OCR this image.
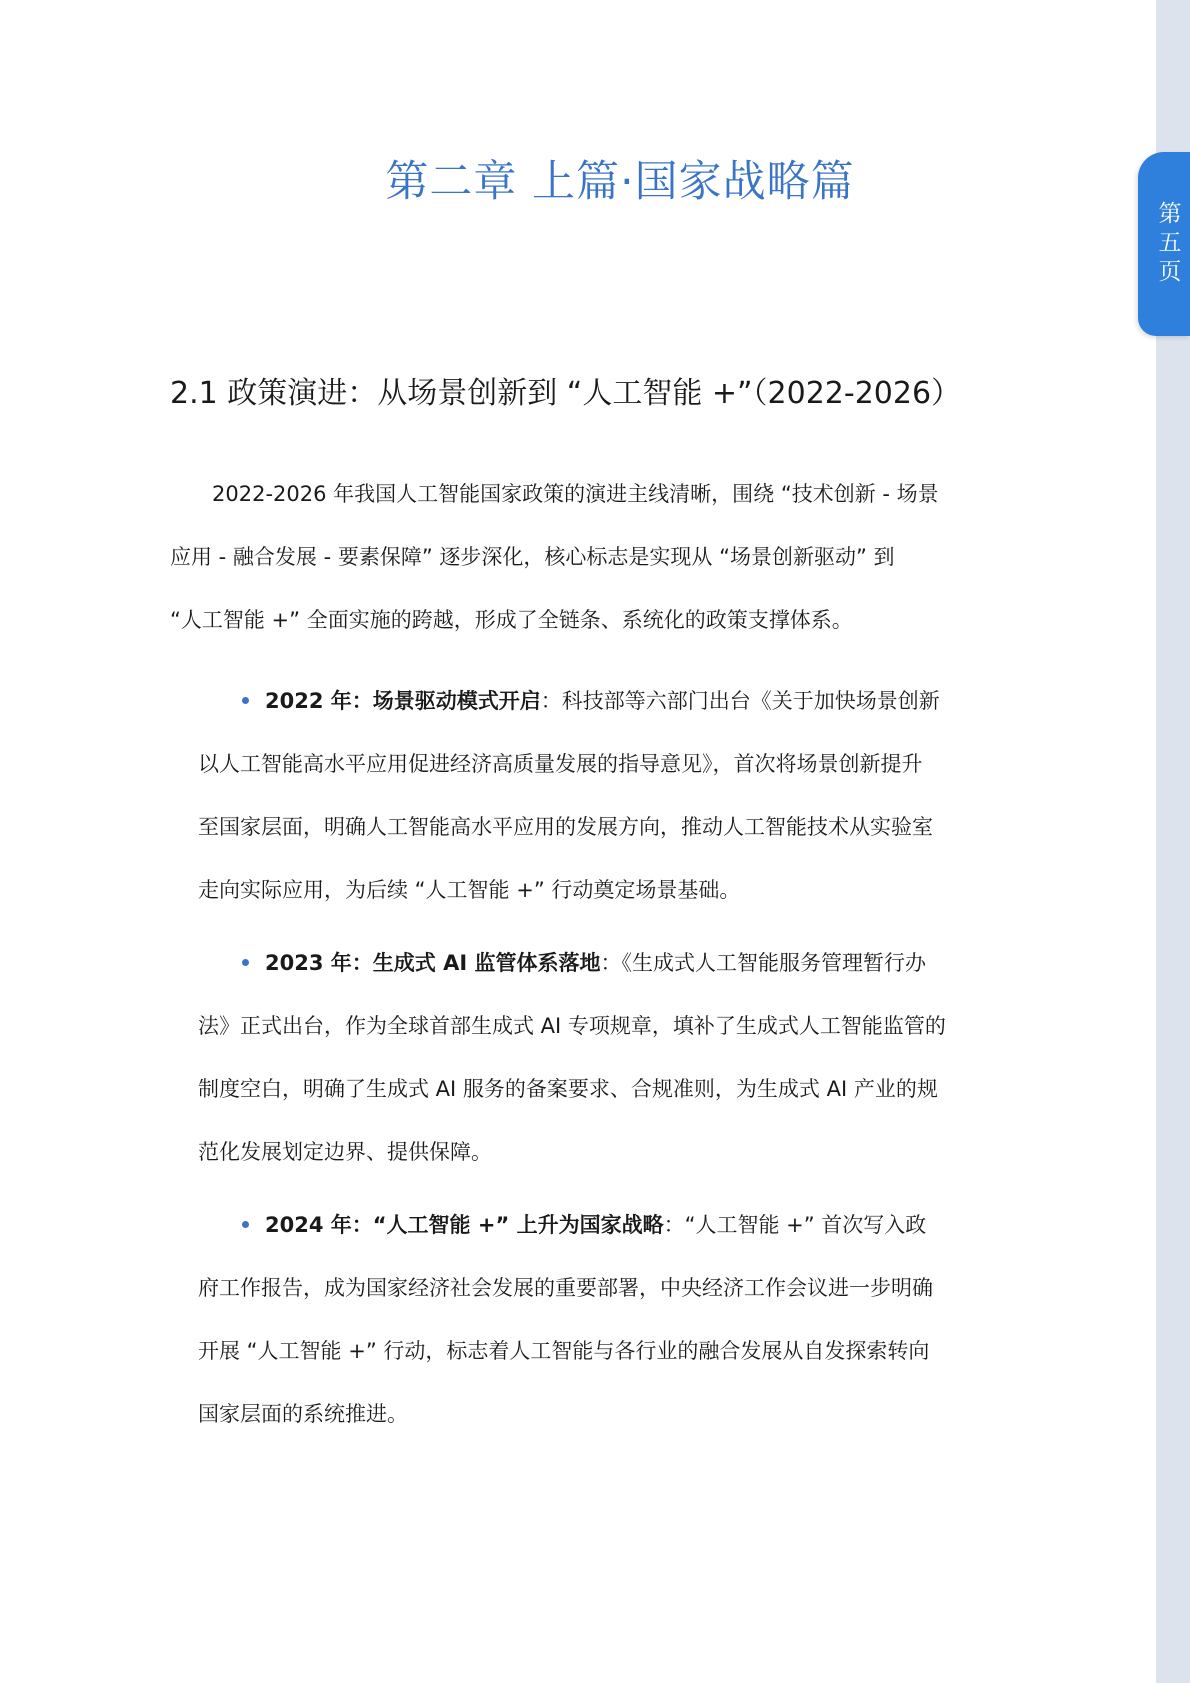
第五页
第二章 上篇·国家战略篇
2.1 政策演进：从场景创新到 “人工智能 +”（2022-2026）

　　2022-2026 年我国人工智能国家政策的演进主线清晰，围绕 “技术创新 - 场景
应用 - 融合发展 - 要素保障” 逐步深化，核心标志是实现从 “场景创新驱动” 到
“人工智能 +” 全面实施的跨越，形成了全链条、系统化的政策支撑体系。

2022 年：场景驱动模式开启：科技部等六部门出台《关于加快场景创新
以人工智能高水平应用促进经济高质量发展的指导意见》，首次将场景创新提升
至国家层面，明确人工智能高水平应用的发展方向，推动人工智能技术从实验室
走向实际应用，为后续 “人工智能 +” 行动奠定场景基础。
2023 年：生成式 AI 监管体系落地：《生成式人工智能服务管理暂行办
法》正式出台，作为全球首部生成式 AI 专项规章，填补了生成式人工智能监管的
制度空白，明确了生成式 AI 服务的备案要求、合规准则，为生成式 AI 产业的规
范化发展划定边界、提供保障。
2024 年：“人工智能 +” 上升为国家战略：“人工智能 +” 首次写入政
府工作报告，成为国家经济社会发展的重要部署，中央经济工作会议进一步明确
开展 “人工智能 +” 行动，标志着人工智能与各行业的融合发展从自发探索转向
国家层面的系统推进。
